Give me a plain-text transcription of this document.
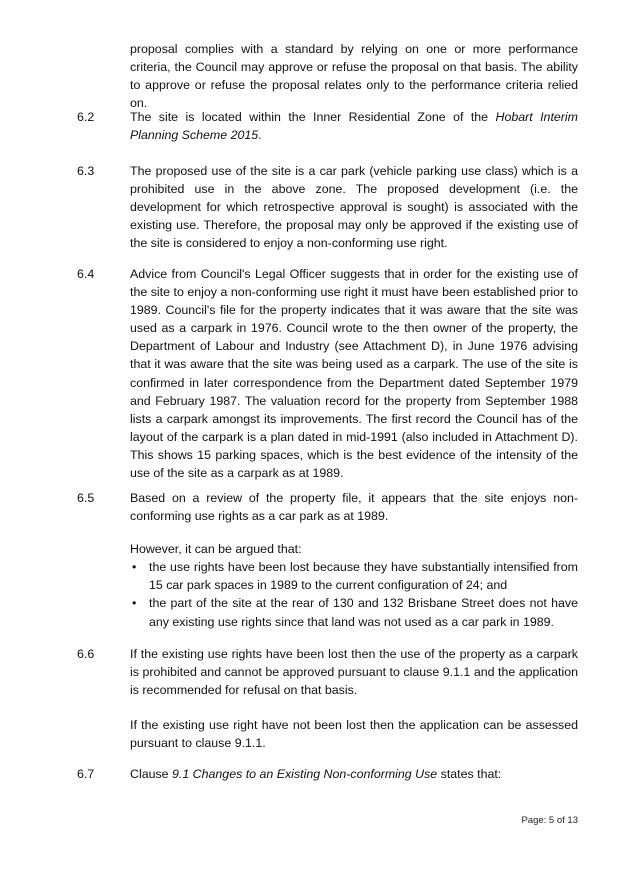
proposal complies with a standard by relying on one or more performance criteria, the Council may approve or refuse the proposal on that basis. The ability to approve or refuse the proposal relates only to the performance criteria relied on.
6.2	The site is located within the Inner Residential Zone of the Hobart Interim Planning Scheme 2015.

6.3	The proposed use of the site is a car park (vehicle parking use class) which is a prohibited use in the above zone. The proposed development (i.e. the development for which retrospective approval is sought) is associated with the existing use. Therefore, the proposal may only be approved if the existing use of the site is considered to enjoy a non-conforming use right.

6.4	Advice from Council's Legal Officer suggests that in order for the existing use of the site to enjoy a non-conforming use right it must have been established prior to 1989. Council's file for the property indicates that it was aware that the site was used as a carpark in 1976. Council wrote to the then owner of the property, the Department of Labour and Industry (see Attachment D), in June 1976 advising that it was aware that the site was being used as a carpark. The use of the site is confirmed in later correspondence from the Department dated September 1979 and February 1987. The valuation record for the property from September 1988 lists a carpark amongst its improvements. The first record the Council has of the layout of the carpark is a plan dated in mid-1991 (also included in Attachment D). This shows 15 parking spaces, which is the best evidence of the intensity of the use of the site as a carpark as at 1989.

6.5	Based on a review of the property file, it appears that the site enjoys non-conforming use rights as a car park as at 1989.

However, it can be argued that:

• the use rights have been lost because they have substantially intensified from 15 car park spaces in 1989 to the current configuration of 24; and
• the part of the site at the rear of 130 and 132 Brisbane Street does not have any existing use rights since that land was not used as a car park in 1989.
6.6	If the existing use rights have been lost then the use of the property as a carpark is prohibited and cannot be approved pursuant to clause 9.1.1 and the application is recommended for refusal on that basis.

If the existing use right have not been lost then the application can be assessed pursuant to clause 9.1.1.

6.7	Clause 9.1 Changes to an Existing Non-conforming Use states that:

Page: 5 of 13
